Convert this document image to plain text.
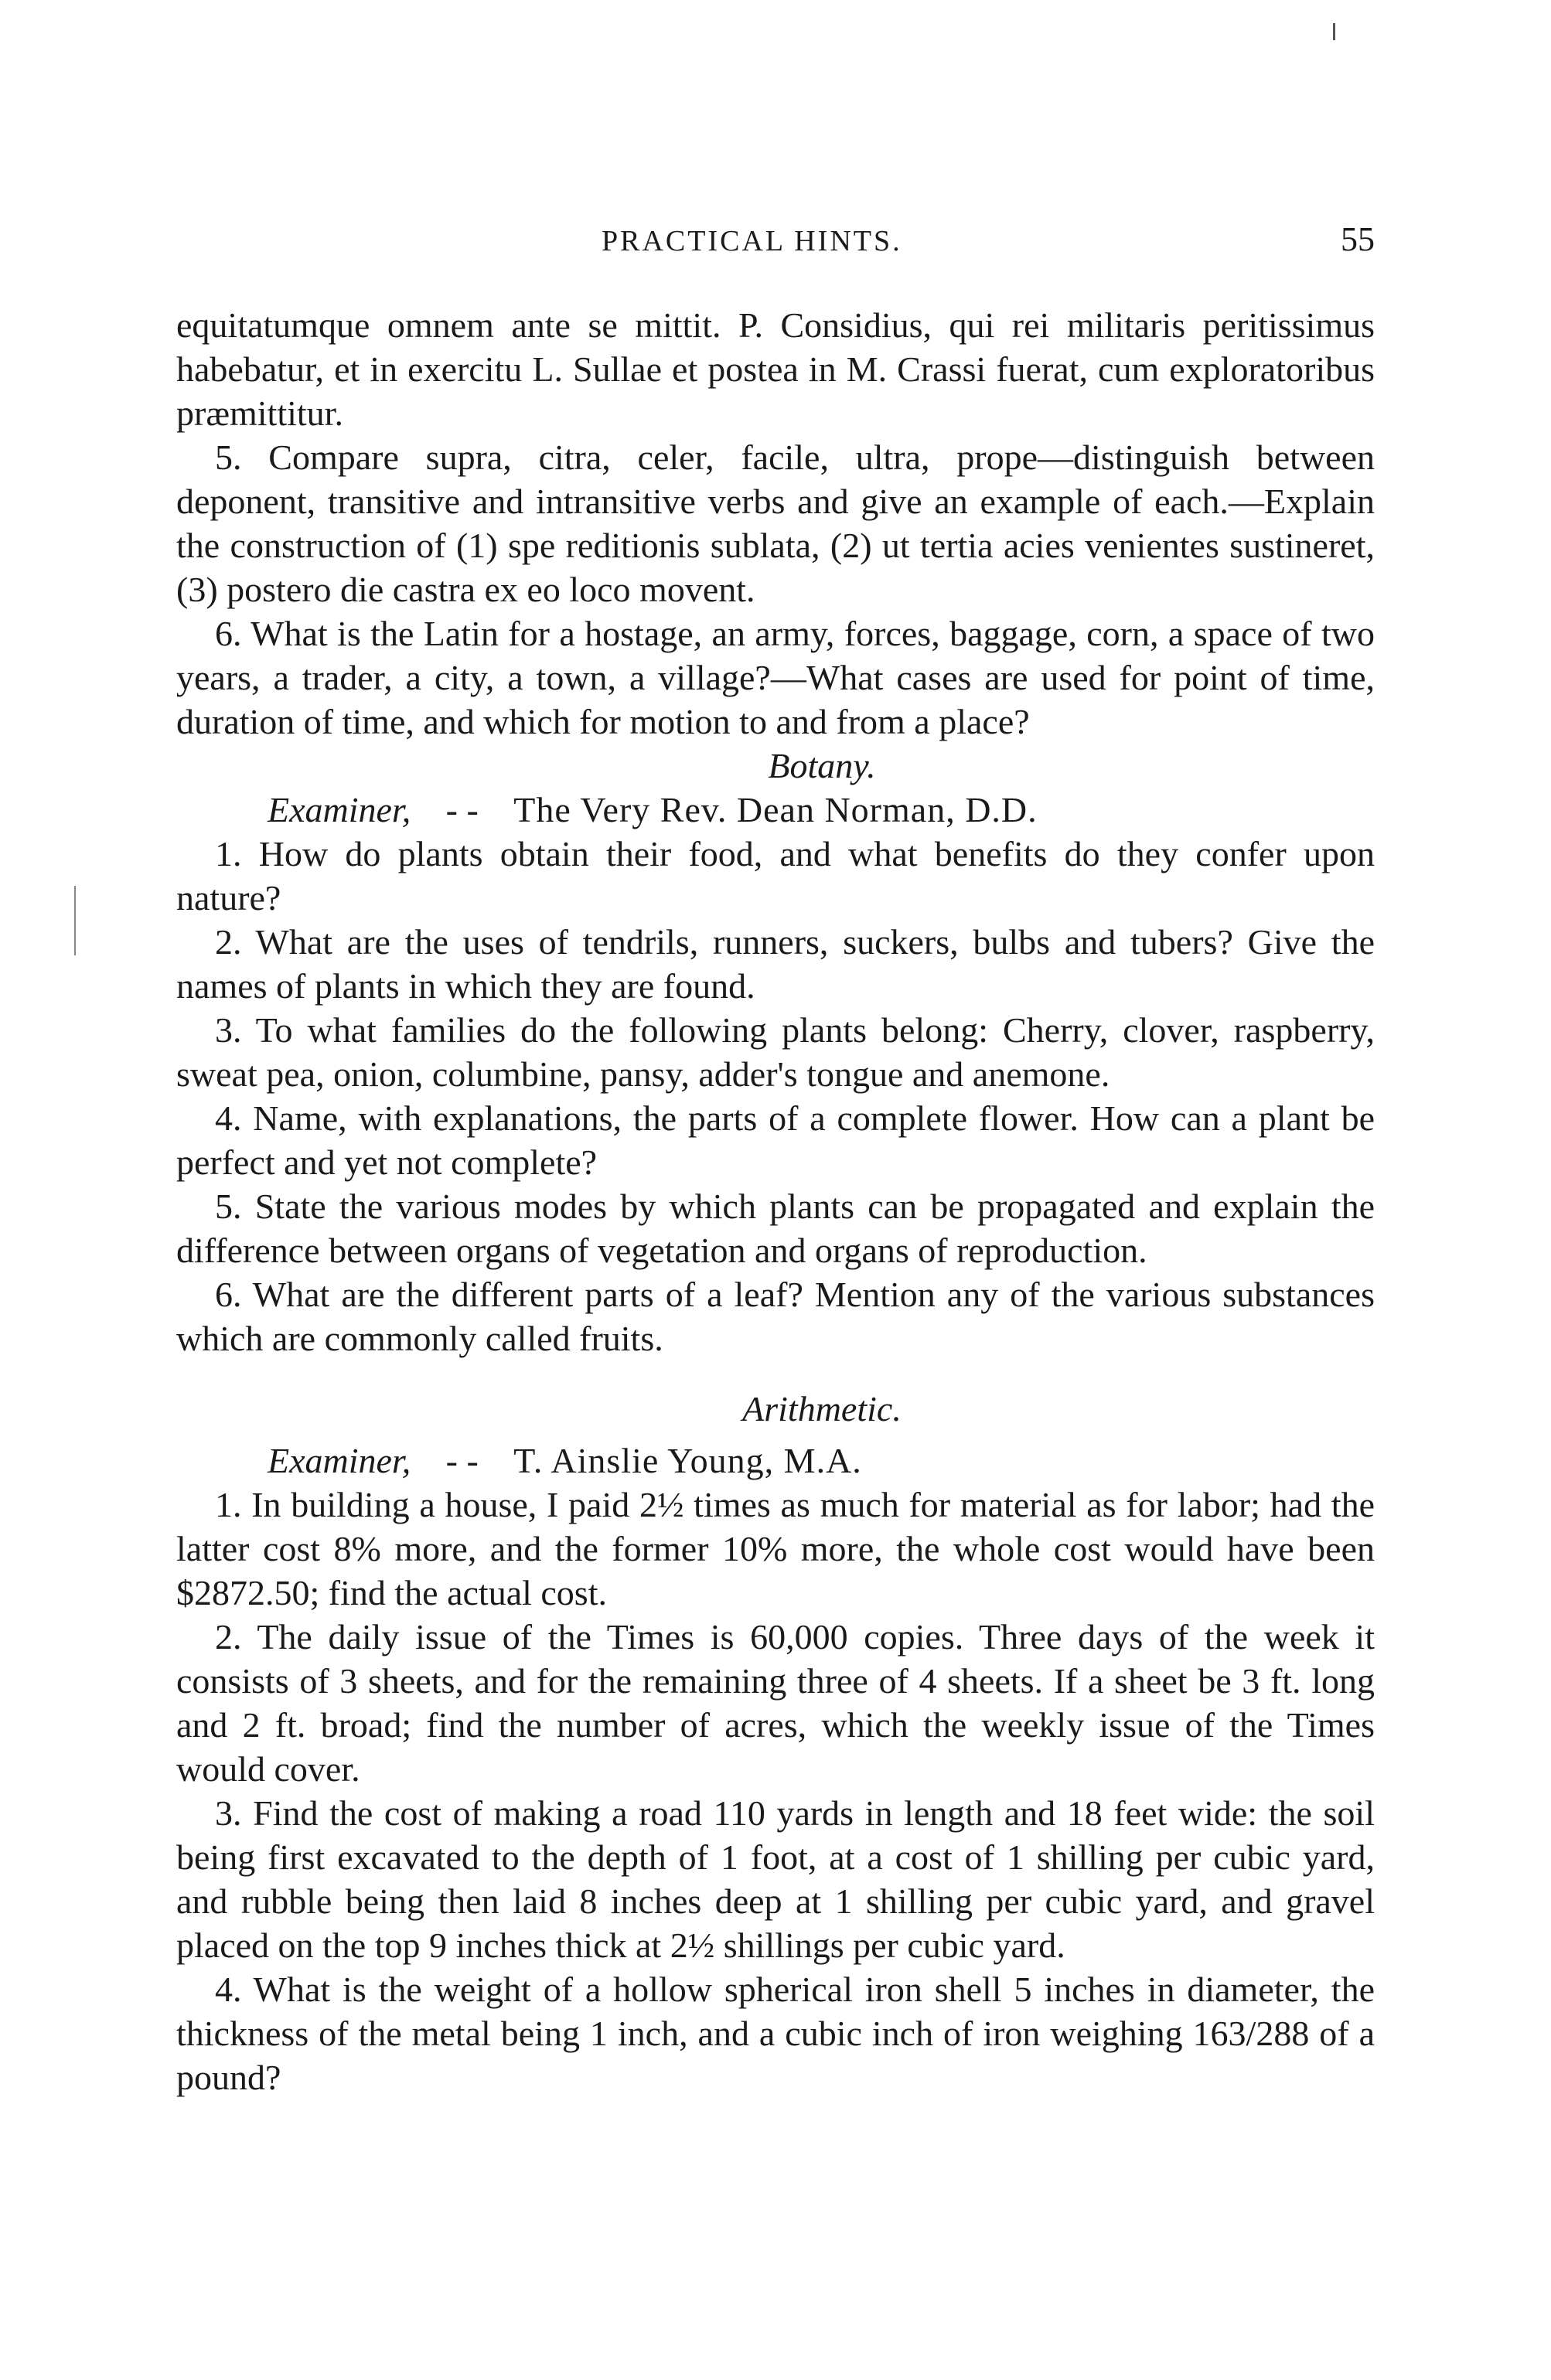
PRACTICAL HINTS.	55

equitatumque omnem ante se mittit. P. Considius, qui rei militaris peritissimus habebatur, et in exercitu L. Sullae et postea in M. Crassi fuerat, cum exploratoribus præmittitur.

5. Compare supra, citra, celer, facile, ultra, prope—distinguish between deponent, transitive and intransitive verbs and give an example of each.—Explain the construction of (1) spe reditionis sublata, (2) ut tertia acies venientes sustineret, (3) postero die castra ex eo loco movent.

6. What is the Latin for a hostage, an army, forces, baggage, corn, a space of two years, a trader, a city, a town, a village?—What cases are used for point of time, duration of time, and which for motion to and from a place?

Botany.

Examiner, - - The Very Rev. Dean Norman, D.D.

1. How do plants obtain their food, and what benefits do they confer upon nature?

2. What are the uses of tendrils, runners, suckers, bulbs and tubers? Give the names of plants in which they are found.

3. To what families do the following plants belong: Cherry, clover, raspberry, sweat pea, onion, columbine, pansy, adder's tongue and anemone.

4. Name, with explanations, the parts of a complete flower. How can a plant be perfect and yet not complete?

5. State the various modes by which plants can be propagated and explain the difference between organs of vegetation and organs of reproduction.

6. What are the different parts of a leaf? Mention any of the various substances which are commonly called fruits.

Arithmetic.

Examiner, - - T. Ainslie Young, M.A.

1. In building a house, I paid 2½ times as much for material as for labor; had the latter cost 8% more, and the former 10% more, the whole cost would have been $2872.50; find the actual cost.

2. The daily issue of the Times is 60,000 copies. Three days of the week it consists of 3 sheets, and for the remaining three of 4 sheets. If a sheet be 3 ft. long and 2 ft. broad; find the number of acres, which the weekly issue of the Times would cover.

3. Find the cost of making a road 110 yards in length and 18 feet wide: the soil being first excavated to the depth of 1 foot, at a cost of 1 shilling per cubic yard, and rubble being then laid 8 inches deep at 1 shilling per cubic yard, and gravel placed on the top 9 inches thick at 2½ shillings per cubic yard.

4. What is the weight of a hollow spherical iron shell 5 inches in diameter, the thickness of the metal being 1 inch, and a cubic inch of iron weighing 163/288 of a pound?
